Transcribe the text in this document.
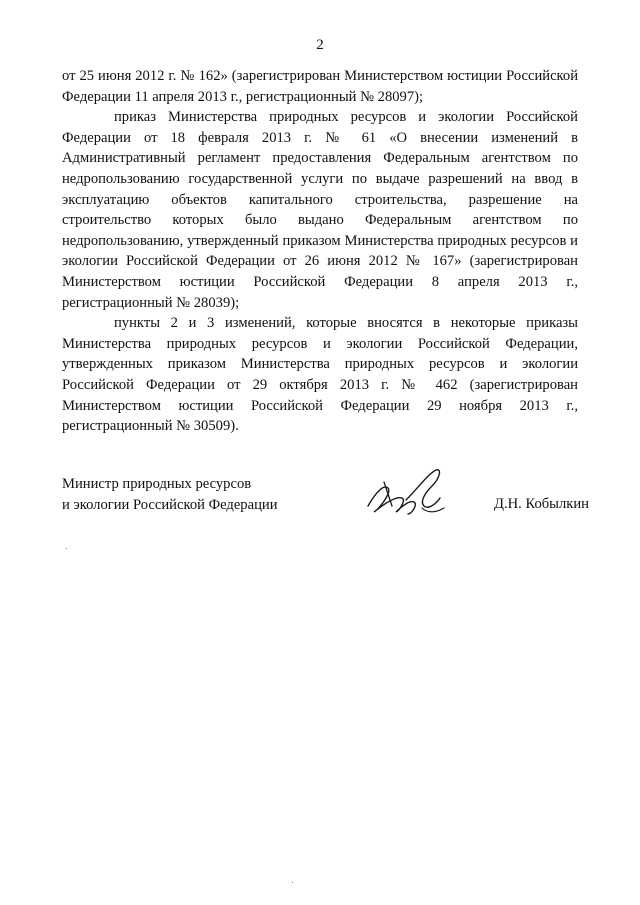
2

от 25 июня 2012 г. № 162» (зарегистрирован Министерством юстиции Российской Федерации 11 апреля 2013 г., регистрационный № 28097);

приказ Министерства природных ресурсов и экологии Российской Федерации от 18 февраля 2013 г. № 61 «О внесении изменений в Административный регламент предоставления Федеральным агентством по недропользованию государственной услуги по выдаче разрешений на ввод в эксплуатацию объектов капитального строительства, разрешение на строительство которых было выдано Федеральным агентством по недропользованию, утвержденный приказом Министерства природных ресурсов и экологии Российской Федерации от 26 июня 2012 № 167» (зарегистрирован Министерством юстиции Российской Федерации 8 апреля 2013 г., регистрационный № 28039);

пункты 2 и 3 изменений, которые вносятся в некоторые приказы Министерства природных ресурсов и экологии Российской Федерации, утвержденных приказом Министерства природных ресурсов и экологии Российской Федерации от 29 октября 2013 г. № 462 (зарегистрирован Министерством юстиции Российской Федерации 29 ноября 2013 г., регистрационный № 30509).

Министр природных ресурсов
и экологии Российской Федерации	Д.Н. Кобылкин
